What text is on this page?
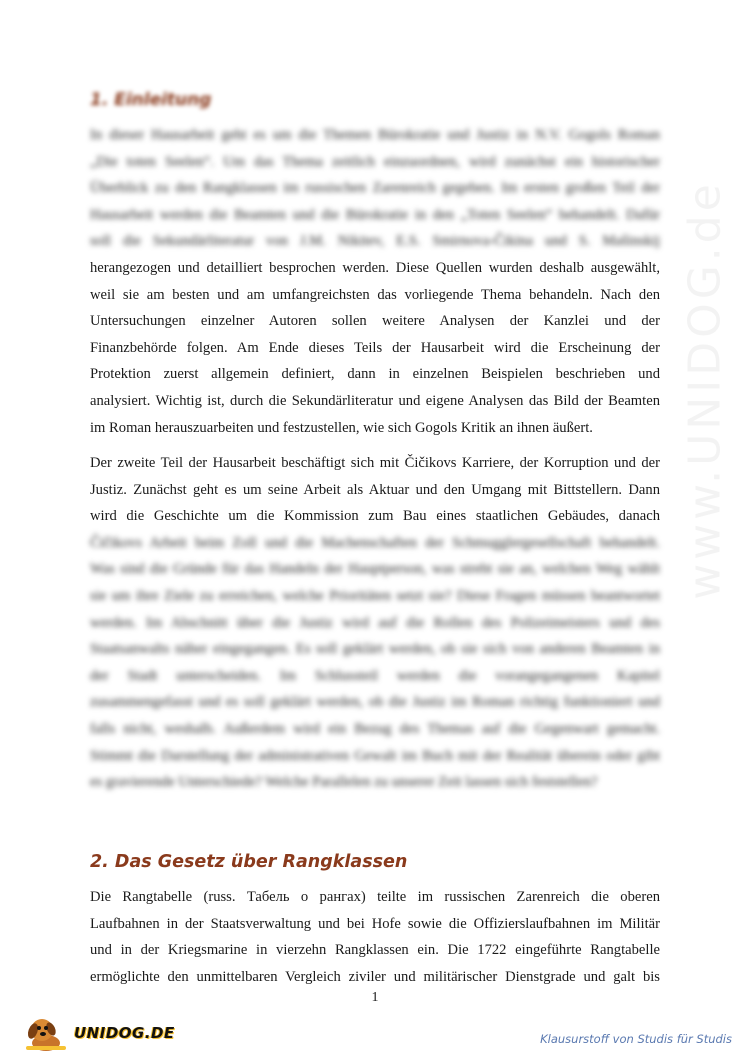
www.UNIDOG.de
1. Einleitung

In dieser Hausarbeit geht es um die Themen Bürokratie und Justiz in N.V. Gogols Roman
„Die toten Seelen“. Um das Thema zeitlich einzuordnen, wird zunächst ein historischer
Überblick zu den Rangklassen im russischen Zarenreich gegeben. Im ersten großen Teil der
Hausarbeit werden die Beamten und die Bürokratie in den „Toten Seelen“ behandelt. Dafür
soll die Sekundärliteratur von J.M. Nikitev, E.S. Smirnova-Čikina und S. Mašinskij
herangezogen und detailliert besprochen werden. Diese Quellen wurden deshalb ausgewählt,
weil sie am besten und am umfangreichsten das vorliegende Thema behandeln. Nach den
Untersuchungen einzelner Autoren sollen weitere Analysen der Kanzlei und der
Finanzbehörde folgen. Am Ende dieses Teils der Hausarbeit wird die Erscheinung der
Protektion zuerst allgemein definiert, dann in einzelnen Beispielen beschrieben und
analysiert. Wichtig ist, durch die Sekundärliteratur und eigene Analysen das Bild der Beamten
im Roman herauszuarbeiten und festzustellen, wie sich Gogols Kritik an ihnen äußert.

Der zweite Teil der Hausarbeit beschäftigt sich mit Čičikovs Karriere, der Korruption und der
Justiz. Zunächst geht es um seine Arbeit als Aktuar und den Umgang mit Bittstellern. Dann
wird die Geschichte um die Kommission zum Bau eines staatlichen Gebäudes, danach
Čičikovs Arbeit beim Zoll und die Machenschaften der Schmugglergesellschaft behandelt.
Was sind die Gründe für das Handeln der Hauptperson, was strebt sie an, welchen Weg wählt
sie um ihre Ziele zu erreichen, welche Prioritäten setzt sie? Diese Fragen müssen beantwortet
werden. Im Abschnitt über die Justiz wird auf die Rollen des Polizeimeisters und des
Staatsanwalts näher eingegangen. Es soll geklärt werden, ob sie sich von anderen Beamten in
der Stadt unterscheiden. Im Schlussteil werden die vorangegangenen Kapitel
zusammengefasst und es soll geklärt werden, ob die Justiz im Roman richtig funktioniert und
falls nicht, weshalb. Außerdem wird ein Bezug des Themas auf die Gegenwart gemacht.
Stimmt die Darstellung der administrativen Gewalt im Buch mit der Realität überein oder gibt
es gravierende Unterschiede? Welche Parallelen zu unserer Zeit lassen sich feststellen?

2. Das Gesetz über Rangklassen

Die Rangtabelle (russ. Табель о рангах) teilte im russischen Zarenreich die oberen
Laufbahnen in der Staatsverwaltung und bei Hofe sowie die Offizierslaufbahnen im Militär
und in der Kriegsmarine in vierzehn Rangklassen ein. Die 1722 eingeführte Rangtabelle
ermöglichte den unmittelbaren Vergleich ziviler und militärischer Dienstgrade und galt bis

1
UNIDOG.DE	Klausurstoff von Studis für Studis
